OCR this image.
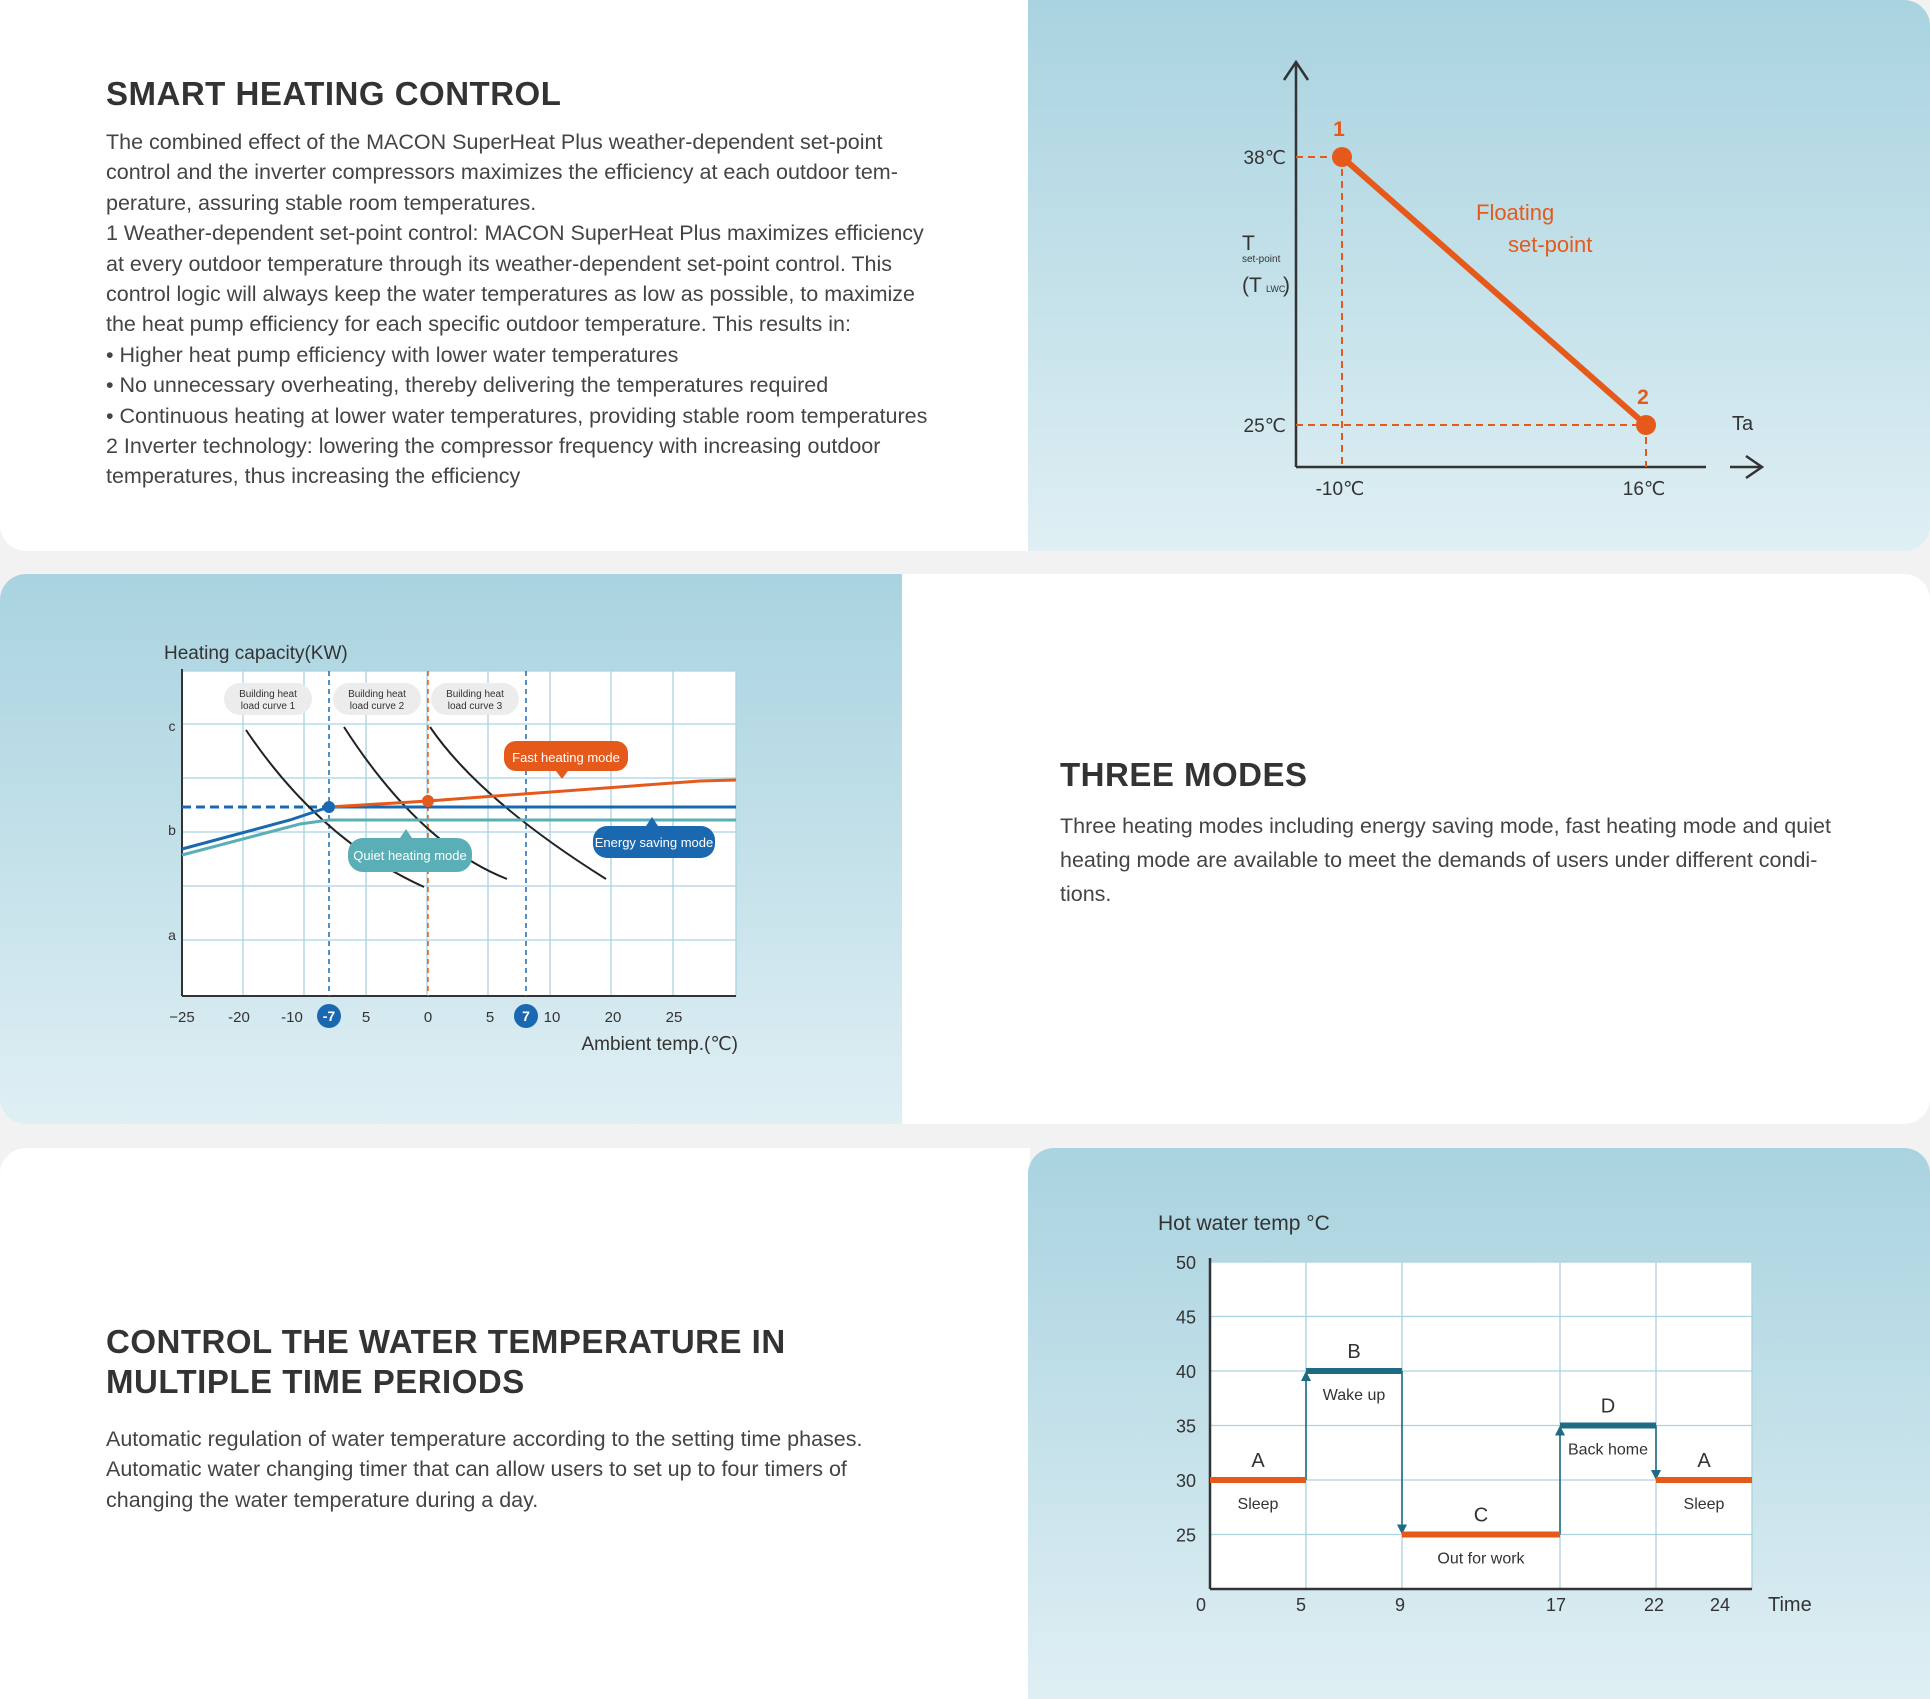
SMART HEATING CONTROL
The combined effect of the MACON SuperHeat Plus weather-dependent set-point
control and the inverter compressors maximizes the efficiency at each outdoor tem-
perature, assuring stable room temperatures.
1 Weather-dependent set-point control: MACON SuperHeat Plus maximizes efficiency
at every outdoor temperature through its weather-dependent set-point control. This
control logic will always keep the water temperatures as low as possible, to maximize
the heat pump efficiency for each specific outdoor temperature. This results in:
• Higher heat pump efficiency with lower water temperatures
• No unnecessary overheating, thereby delivering the temperatures required
• Continuous heating at lower water temperatures, providing stable room temperatures
2 Inverter technology: lowering the compressor frequency with increasing outdoor
temperatures, thus increasing the efficiency
1
2
Floating
set-point
38℃
25℃
-10℃	16℃
Ta
T
set-point
(T LWC
)
THREE MODES
Three heating modes including energy saving mode, fast heating mode and quiet
heating mode are available to meet the demands of users under different condi-
tions.
Building heat
load curve 1
Building heat
load curve 2
Building heat
load curve 3
Fast heating mode
Energy saving mode
Quiet heating mode
a
b
c
−25 -20 -10	5	0	5	10	20	25
-7	7
Heating capacity(KW)
Ambient temp.(℃)
CONTROL THE WATER TEMPERATURE IN
MULTIPLE TIME PERIODS
Automatic regulation of water temperature according to the setting time phases.
Automatic water changing timer that can allow users to set up to four timers of
changing the water temperature during a day.
A
Sleep
B
Wake up
C
Out for work
D
Back home A
Sleep
25
30
35
40
45
50
0	5	9	17	22	24 Time
Hot water temp °C
